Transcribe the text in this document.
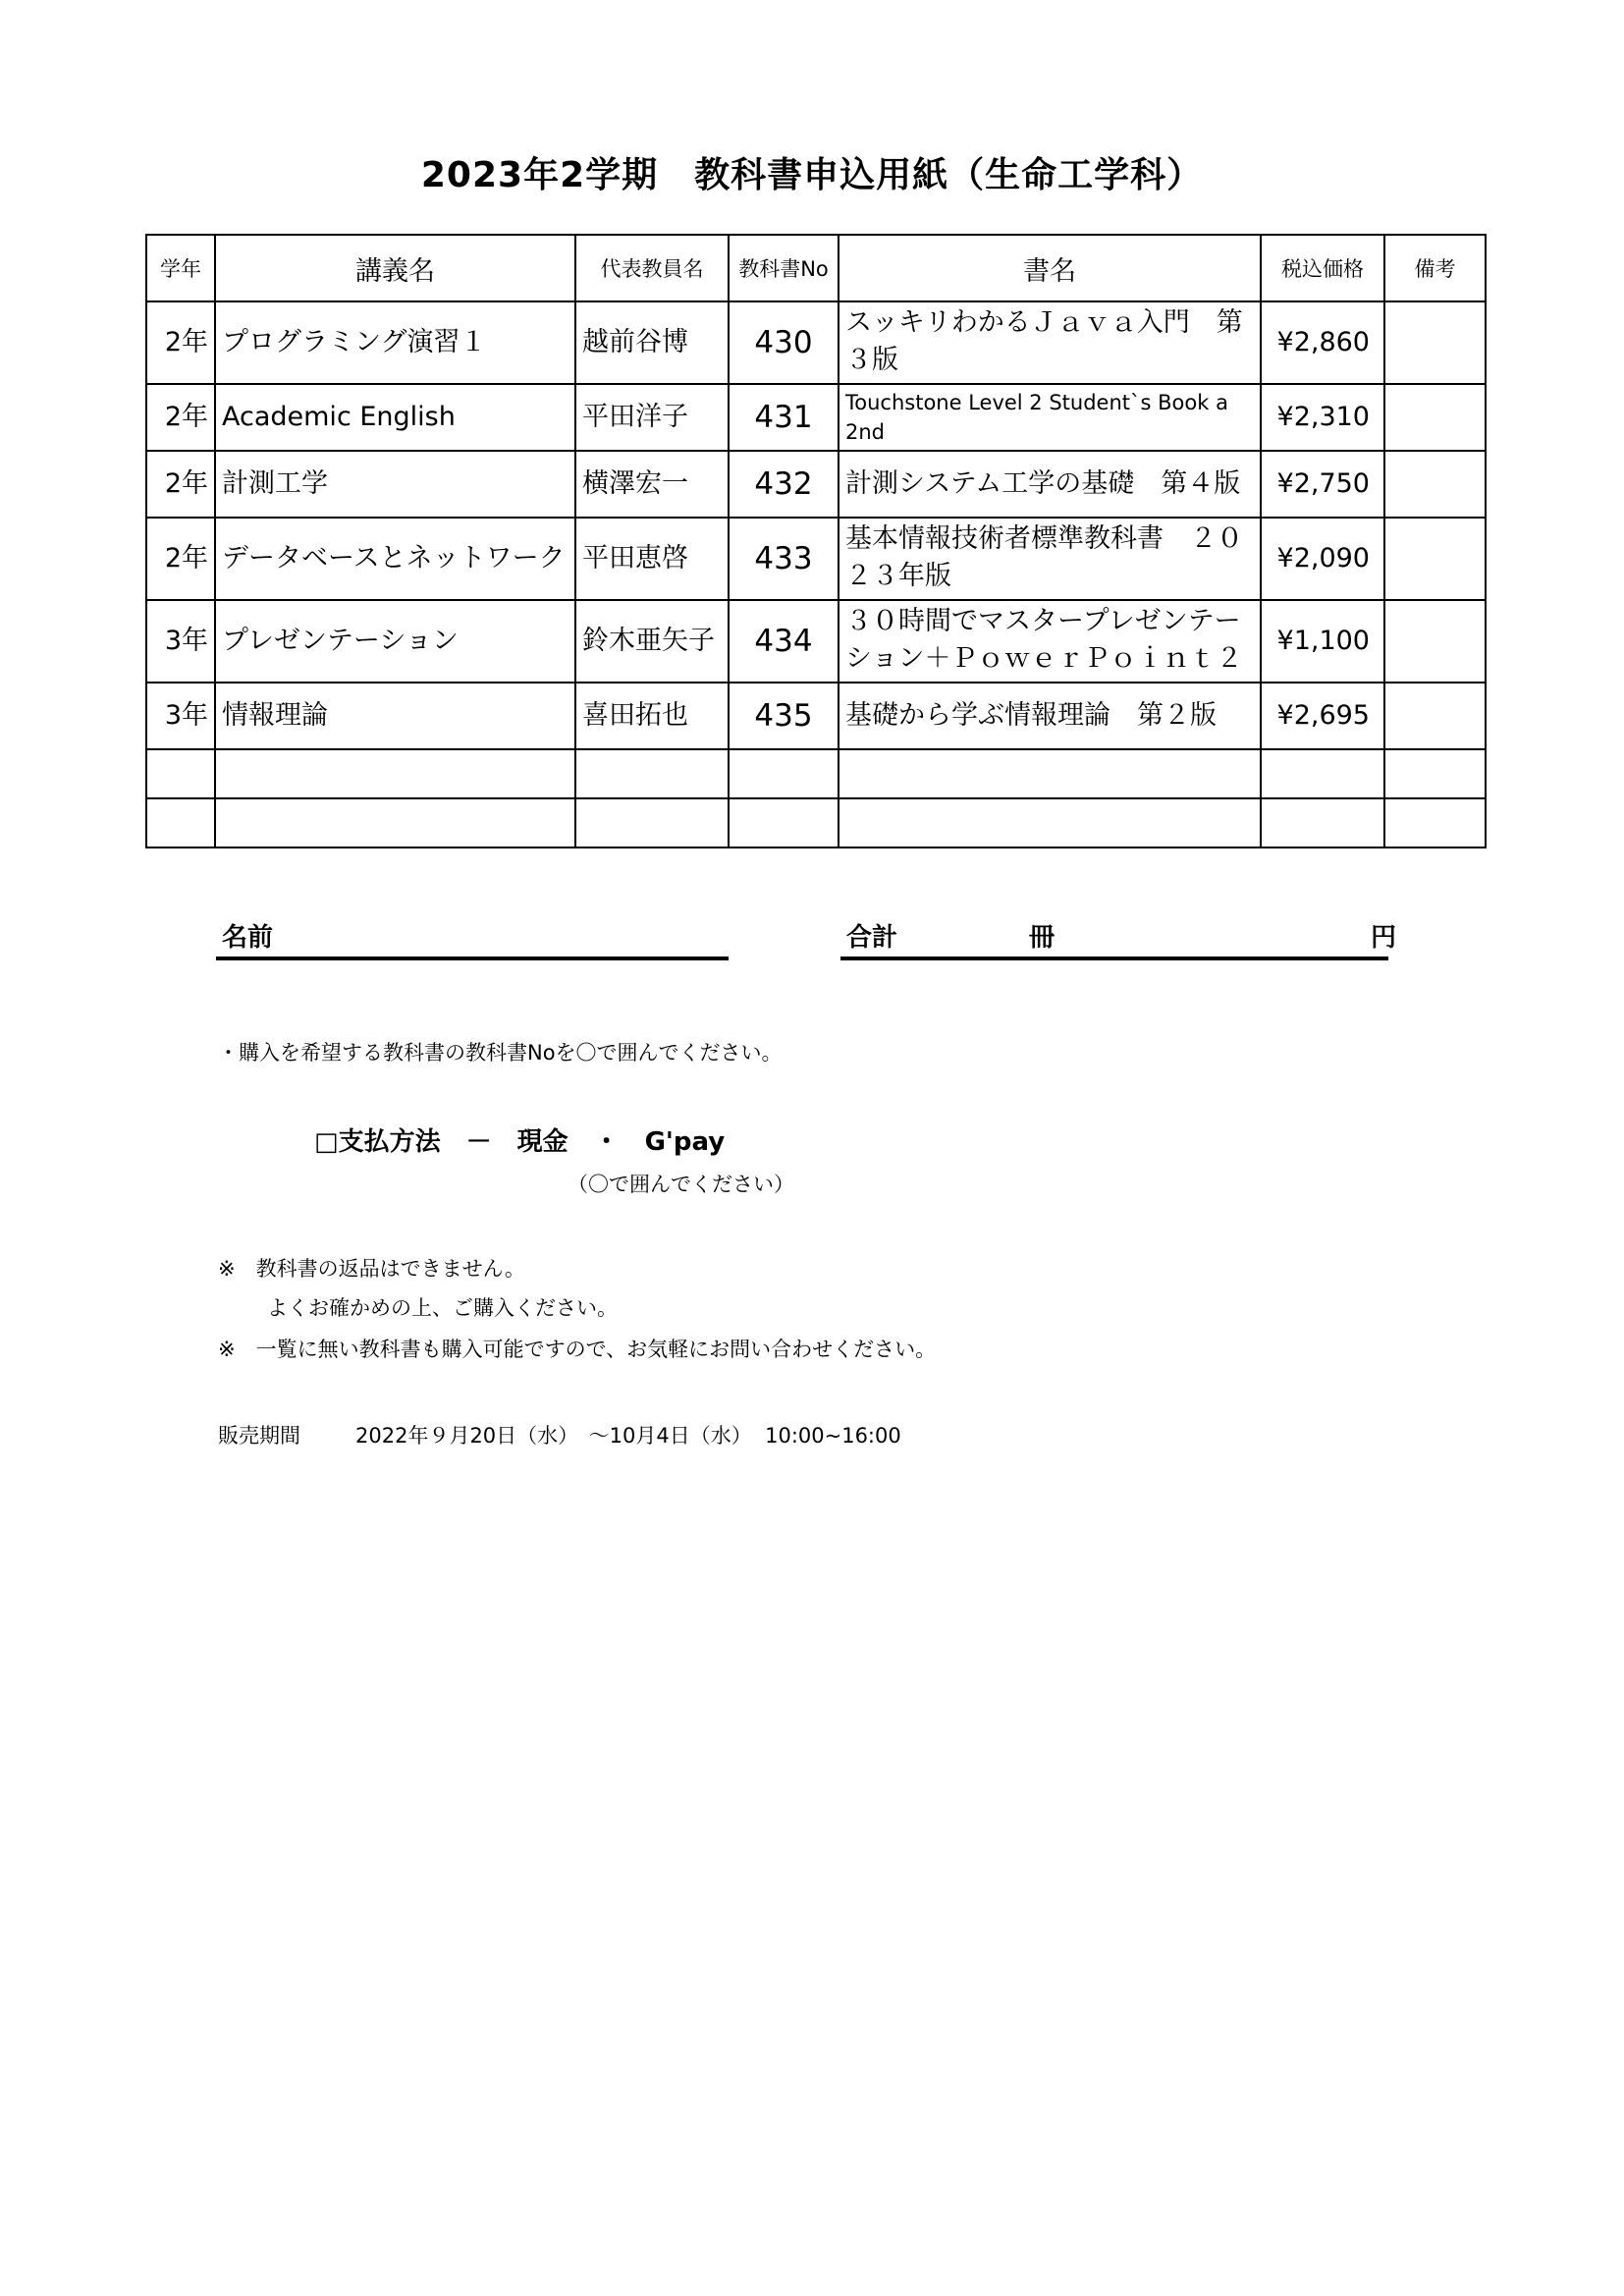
2023年2学期　教科書申込用紙（生命工学科）
学年	講義名	代表教員名	教科書No	書名	税込価格	備考
2年	プログラミング演習１	越前谷博	430	スッキリわかるＪａｖａ入門　第３版	¥2,860	
2年	Academic English	平田洋子	431	Touchstone Level 2 Student`s Book a 2nd	¥2,310	
2年	計測工学	横澤宏一	432	計測システム工学の基礎　第４版	¥2,750	
2年	データベースとネットワーク	平田恵啓	433	基本情報技術者標準教科書　２０２３年版	¥2,090	
3年	プレゼンテーション	鈴木亜矢子	434	３０時間でマスタープレゼンテーション＋ＰｏｗｅｒＰｏｉｎｔ２	¥1,100	
3年	情報理論	喜田拓也	435	基礎から学ぶ情報理論　第２版	¥2,695	

名前	合計	冊	円
・購入を希望する教科書の教科書Noを〇で囲んでください。
□支払方法　－　現金　・　G'pay
（〇で囲んでください）
※　教科書の返品はできません。
よくお確かめの上、ご購入ください。
※　一覧に無い教科書も購入可能ですので、お気軽にお問い合わせください。
販売期間	2022年９月20日（水）　～10月4日（水）  10:00~16:00
